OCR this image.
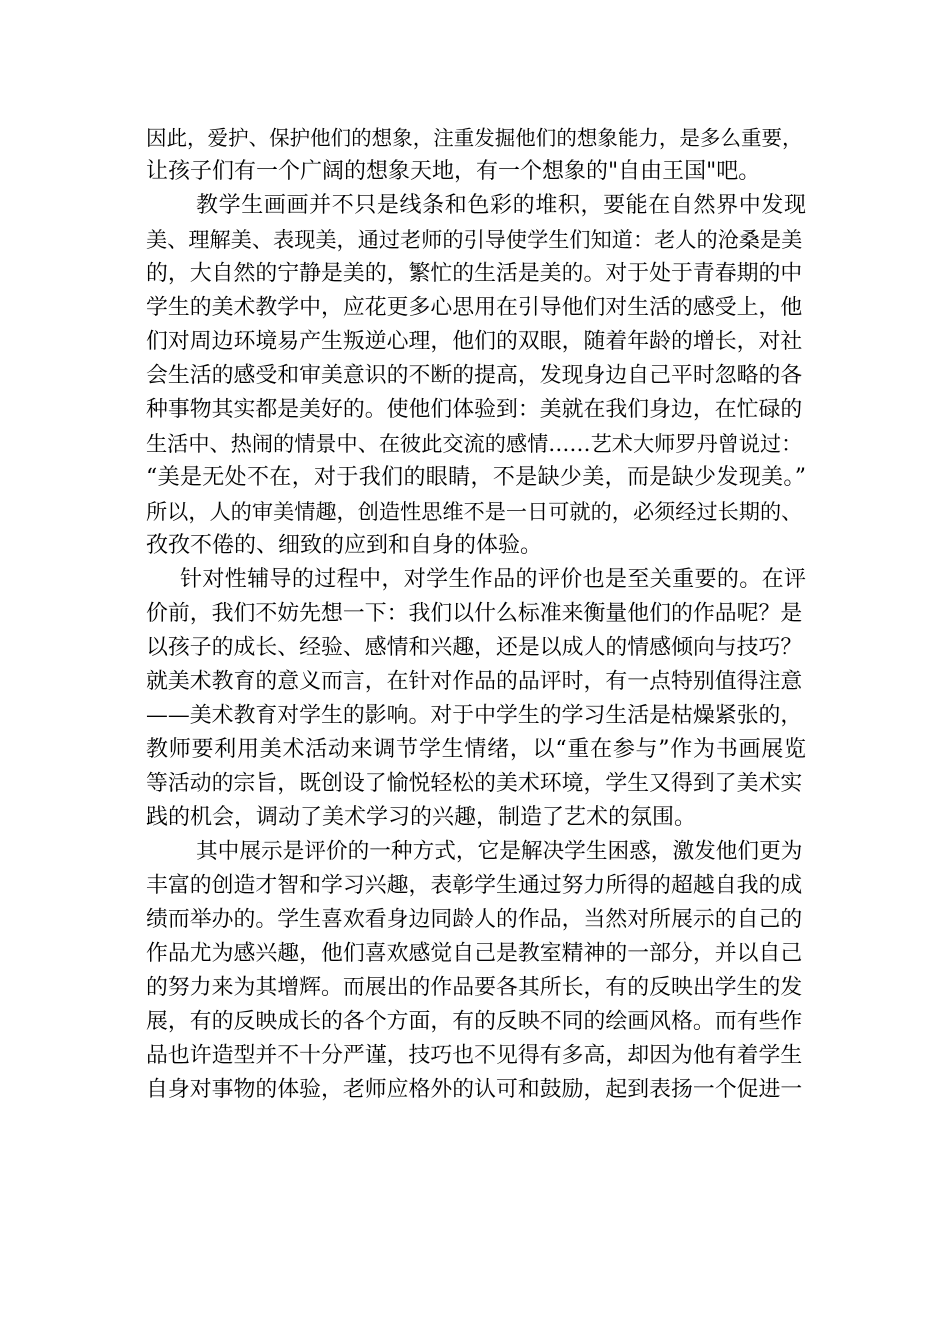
因此，爱护、保护他们的想象，注重发掘他们的想象能力，是多么重要，
让孩子们有一个广阔的想象天地，有一个想象的"自由王国"吧。
教学生画画并不只是线条和色彩的堆积，要能在自然界中发现
美、理解美、表现美，通过老师的引导使学生们知道：老人的沧桑是美
的，大自然的宁静是美的，繁忙的生活是美的。对于处于青春期的中
学生的美术教学中，应花更多心思用在引导他们对生活的感受上，他
们对周边环境易产生叛逆心理，他们的双眼，随着年龄的增长，对社
会生活的感受和审美意识的不断的提高，发现身边自己平时忽略的各
种事物其实都是美好的。使他们体验到：美就在我们身边，在忙碌的
生活中、热闹的情景中、在彼此交流的感情……艺术大师罗丹曾说过：
“美是无处不在，对于我们的眼睛，不是缺少美，而是缺少发现美。”
所以，人的审美情趣，创造性思维不是一日可就的，必须经过长期的、
孜孜不倦的、细致的应到和自身的体验。
针对性辅导的过程中，对学生作品的评价也是至关重要的。在评
价前，我们不妨先想一下：我们以什么标准来衡量他们的作品呢？是
以孩子的成长、经验、感情和兴趣，还是以成人的情感倾向与技巧？
就美术教育的意义而言，在针对作品的品评时，有一点特别值得注意
——美术教育对学生的影响。对于中学生的学习生活是枯燥紧张的，
教师要利用美术活动来调节学生情绪，以“重在参与”作为书画展览
等活动的宗旨，既创设了愉悦轻松的美术环境，学生又得到了美术实
践的机会，调动了美术学习的兴趣，制造了艺术的氛围。
其中展示是评价的一种方式，它是解决学生困惑，激发他们更为
丰富的创造才智和学习兴趣，表彰学生通过努力所得的超越自我的成
绩而举办的。学生喜欢看身边同龄人的作品，当然对所展示的自己的
作品尤为感兴趣，他们喜欢感觉自己是教室精神的一部分，并以自己
的努力来为其增辉。而展出的作品要各其所长，有的反映出学生的发
展，有的反映成长的各个方面，有的反映不同的绘画风格。而有些作
品也许造型并不十分严谨，技巧也不见得有多高，却因为他有着学生
自身对事物的体验，老师应格外的认可和鼓励，起到表扬一个促进一
